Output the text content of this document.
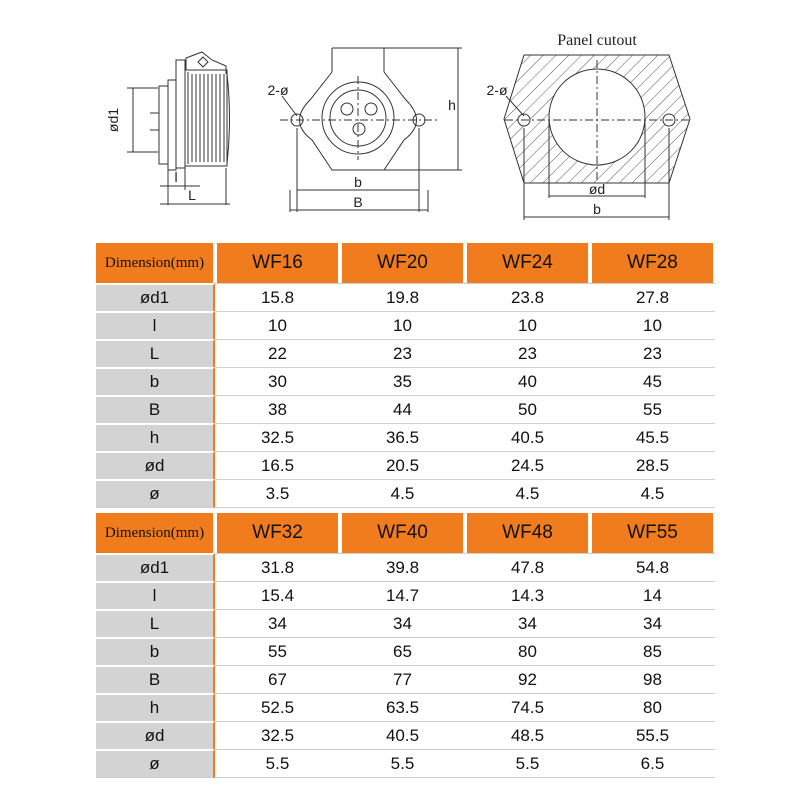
ød1
l
L
2-ø
h
b
B
Panel cutout
2-ø
ød
b
Dimension(mm)	WF16	WF20	WF24	WF28
ød1	15.8	19.8	23.8	27.8
l	10	10	10	10
L	22	23	23	23
b	30	35	40	45
B	38	44	50	55
h	32.5	36.5	40.5	45.5
ød	16.5	20.5	24.5	28.5
ø	3.5	4.5	4.5	4.5
Dimension(mm)	WF32	WF40	WF48	WF55
ød1	31.8	39.8	47.8	54.8
l	15.4	14.7	14.3	14
L	34	34	34	34
b	55	65	80	85
B	67	77	92	98
h	52.5	63.5	74.5	80
ød	32.5	40.5	48.5	55.5
ø	5.5	5.5	5.5	6.5
